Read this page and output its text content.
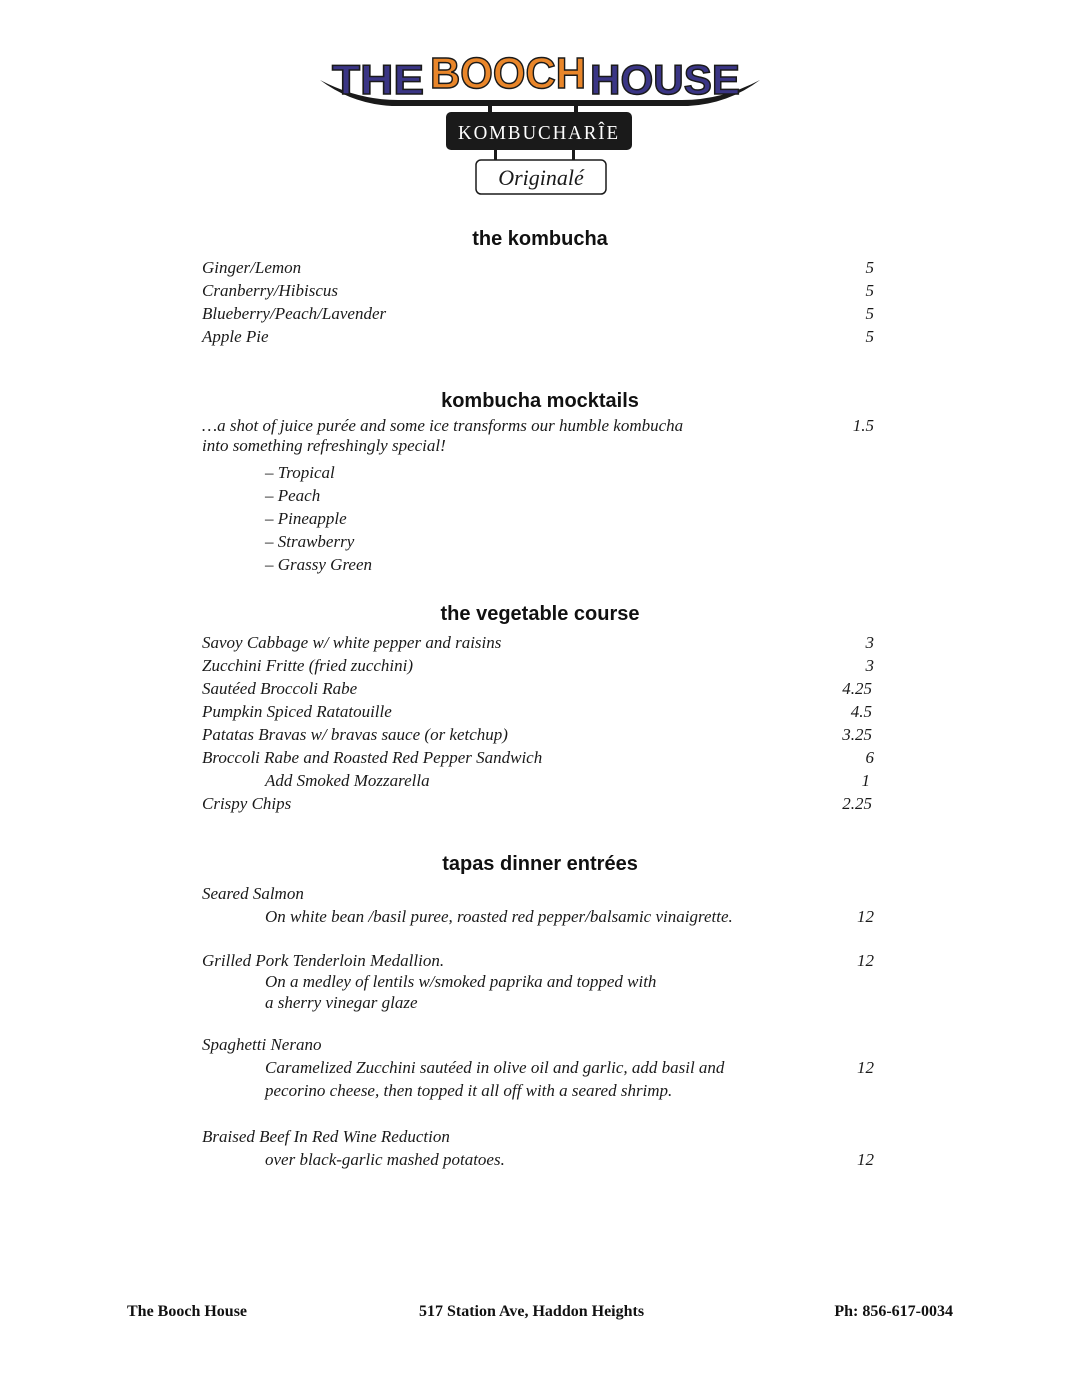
THE BOOCH HOUSE
KOMBUCHARÎE
Originalé
the kombucha
Ginger/Lemon	5
Cranberry/Hibiscus	5
Blueberry/Peach/Lavender	5
Apple Pie	5
kombucha mocktails
…a shot of juice purée and some ice transforms our humble kombucha	1.5
into something refreshingly special!
– Tropical
– Peach
– Pineapple
– Strawberry
– Grassy Green
the vegetable course
Savoy Cabbage w/ white pepper and raisins	3
Zucchini Fritte (fried zucchini)	3
Sautéed Broccoli Rabe	4.25
Pumpkin Spiced Ratatouille	4.5
Patatas Bravas w/ bravas sauce (or ketchup)	3.25
Broccoli Rabe and Roasted Red Pepper Sandwich	6
Add Smoked Mozzarella	1
Crispy Chips	2.25
tapas dinner entrées
Seared Salmon
On white bean /basil puree, roasted red pepper/balsamic vinaigrette.	12
Grilled Pork Tenderloin Medallion.	12
On a medley of lentils w/smoked paprika and topped with
a sherry vinegar glaze
Spaghetti Nerano
Caramelized Zucchini sautéed in olive oil and garlic, add basil and	12
pecorino cheese, then topped it all off with a seared shrimp.
Braised Beef In Red Wine Reduction
over black-garlic mashed potatoes.	12
The Booch House	517 Station Ave, Haddon Heights	Ph: 856-617-0034
